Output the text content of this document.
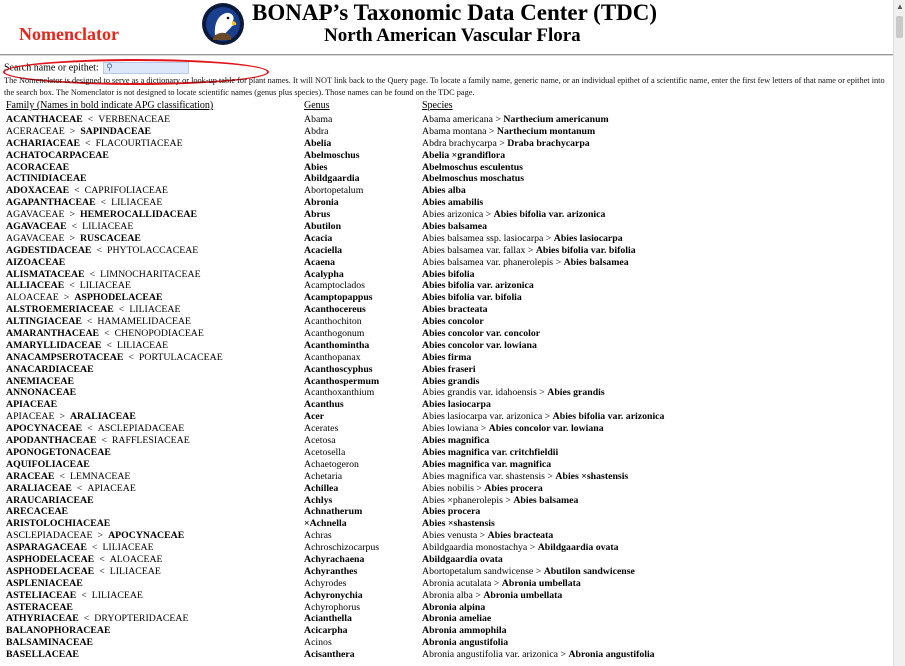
Nomenclator
BONAP’s Taxonomic Data Center (TDC)
North American Vascular Flora
▲
Search name or epithet: ⚲
The Nomenclator is designed to serve as a dictionary or look-up table for plant names. It will NOT link back to the Query page. To locate a family name, generic name, or an individual epithet of a scientific name, enter the first few letters of that name or epithet into the search box. The Nomenclator is not designed to locate scientific names (genus plus species). Those names can be found on the TDC page.
Family (Names in bold indicate APG classification)	Genus	Species
ACANTHACEAE < VERBENACEAE
ACERACEAE > SAPINDACEAE
ACHARIACEAE < FLACOURTIACEAE
ACHATOCARPACEAE
ACORACEAE
ACTINIDIACEAE
ADOXACEAE < CAPRIFOLIACEAE
AGAPANTHACEAE < LILIACEAE
AGAVACEAE > HEMEROCALLIDACEAE
AGAVACEAE < LILIACEAE
AGAVACEAE > RUSCACEAE
AGDESTIDACEAE < PHYTOLACCACEAE
AIZOACEAE
ALISMATACEAE < LIMNOCHARITACEAE
ALLIACEAE < LILIACEAE
ALOACEAE > ASPHODELACEAE
ALSTROEMERIACEAE < LILIACEAE
ALTINGIACEAE < HAMAMELIDACEAE
AMARANTHACEAE < CHENOPODIACEAE
AMARYLLIDACEAE < LILIACEAE
ANACAMPSEROTACEAE < PORTULACACEAE
ANACARDIACEAE
ANEMIACEAE
ANNONACEAE
APIACEAE
APIACEAE > ARALIACEAE
APOCYNACEAE < ASCLEPIADACEAE
APODANTHACEAE < RAFFLESIACEAE
APONOGETONACEAE
AQUIFOLIACEAE
ARACEAE < LEMNACEAE
ARALIACEAE < APIACEAE
ARAUCARIACEAE
ARECACEAE
ARISTOLOCHIACEAE
ASCLEPIADACEAE > APOCYNACEAE
ASPARAGACEAE < LILIACEAE
ASPHODELACEAE < ALOACEAE
ASPHODELACEAE < LILIACEAE
ASPLENIACEAE
ASTELIACEAE < LILIACEAE
ASTERACEAE
ATHYRIACEAE < DRYOPTERIDACEAE
BALANOPHORACEAE
BALSAMINACEAE
BASELLACEAE
Abama
Abdra
Abelia
Abelmoschus
Abies
Abildgaardia
Abortopetalum
Abronia
Abrus
Abutilon
Acacia
Acaciella
Acaena
Acalypha
Acamptoclados
Acamptopappus
Acanthocereus
Acanthochiton
Acanthogonum
Acanthomintha
Acanthopanax
Acanthoscyphus
Acanthospermum
Acanthoxanthium
Acanthus
Acer
Acerates
Acetosa
Acetosella
Achaetogeron
Achetaria
Achillea
Achlys
Achnatherum
×Achnella
Achras
Achroschizocarpus
Achyrachaena
Achyranthes
Achyrodes
Achyronychia
Achyrophorus
Acianthella
Acicarpha
Acinos
Acisanthera
Abama americana > Narthecium americanum
Abama montana > Narthecium montanum
Abdra brachycarpa > Draba brachycarpa
Abelia ×grandiflora
Abelmoschus esculentus
Abelmoschus moschatus
Abies alba
Abies amabilis
Abies arizonica > Abies bifolia var. arizonica
Abies balsamea
Abies balsamea ssp. lasiocarpa > Abies lasiocarpa
Abies balsamea var. fallax > Abies bifolia var. bifolia
Abies balsamea var. phanerolepis > Abies balsamea
Abies bifolia
Abies bifolia var. arizonica
Abies bifolia var. bifolia
Abies bracteata
Abies concolor
Abies concolor var. concolor
Abies concolor var. lowiana
Abies firma
Abies fraseri
Abies grandis
Abies grandis var. idahoensis > Abies grandis
Abies lasiocarpa
Abies lasiocarpa var. arizonica > Abies bifolia var. arizonica
Abies lowiana > Abies concolor var. lowiana
Abies magnifica
Abies magnifica var. critchfieldii
Abies magnifica var. magnifica
Abies magnifica var. shastensis > Abies ×shastensis
Abies nobilis > Abies procera
Abies ×phanerolepis > Abies balsamea
Abies procera
Abies ×shastensis
Abies venusta > Abies bracteata
Abildgaardia monostachya > Abildgaardia ovata
Abildgaardia ovata
Abortopetalum sandwicense > Abutilon sandwicense
Abronia acutalata > Abronia umbellata
Abronia alba > Abronia umbellata
Abronia alpina
Abronia ameliae
Abronia ammophila
Abronia angustifolia
Abronia angustifolia var. arizonica > Abronia angustifolia
